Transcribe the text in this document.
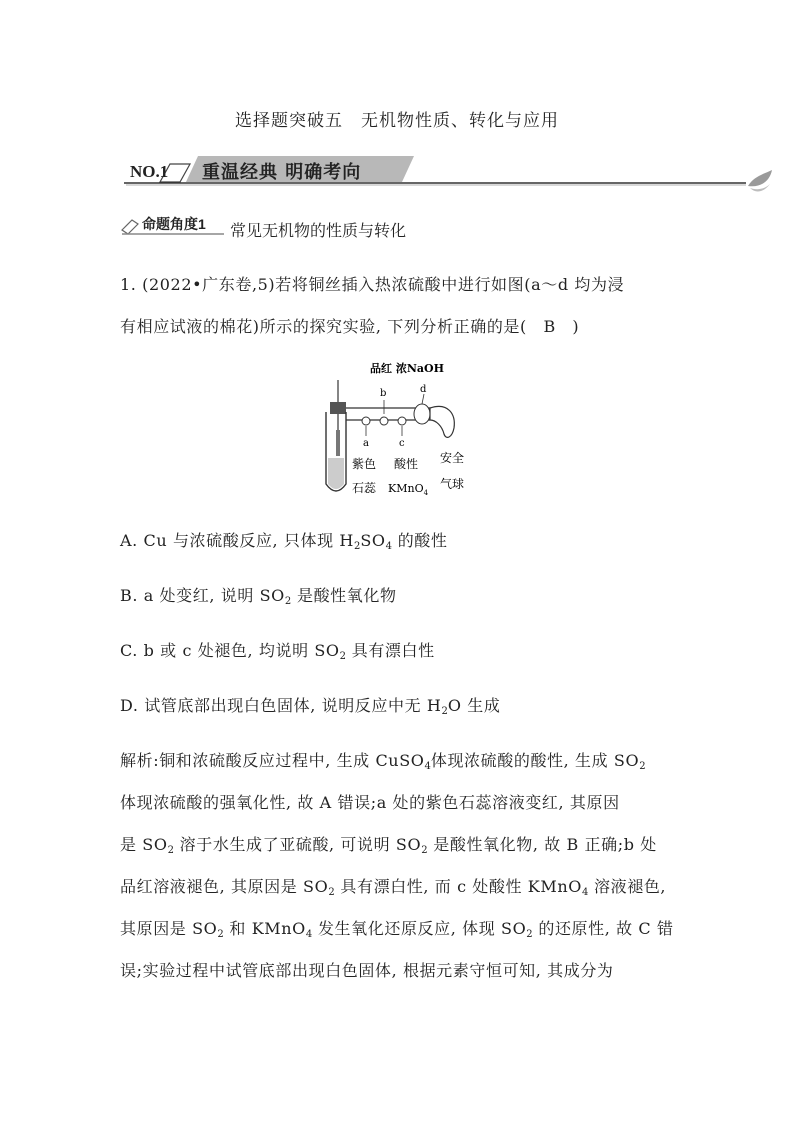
选择题突破五　无机物性质、转化与应用
NO.1 重温经典 明确考向
命题角度1 常见无机物的性质与转化
1. (2022•广东卷,5)若将铜丝插入热浓硫酸中进行如图(a～d 均为浸
有相应试液的棉花)所示的探究实验, 下列分析正确的是(　B　)
品红 浓NaOH
b	d
a	c
紫色
石蕊
酸性
KMnO$_4$
安全
气球
A. Cu 与浓硫酸反应, 只体现 $H_2SO_4$ 的酸性
B. a 处变红, 说明 $SO_2$ 是酸性氧化物
C. b 或 c 处褪色, 均说明 $SO_2$ 具有漂白性
D. 试管底部出现白色固体, 说明反应中无 $H_2O$ 生成
解析:铜和浓硫酸反应过程中, 生成 CuSO$_4$体现浓硫酸的酸性, 生成 $SO_2$
体现浓硫酸的强氧化性, 故 A 错误;a 处的紫色石蕊溶液变红, 其原因
是 $SO_2$ 溶于水生成了亚硫酸, 可说明 $SO_2$ 是酸性氧化物, 故 B 正确;b 处
品红溶液褪色, 其原因是 $SO_2$ 具有漂白性, 而 c 处酸性 KMnO$_4$ 溶液褪色,
其原因是 $SO_2$ 和 KMnO$_4$ 发生氧化还原反应, 体现 $SO_2$ 的还原性, 故 C 错
误;实验过程中试管底部出现白色固体, 根据元素守恒可知, 其成分为
